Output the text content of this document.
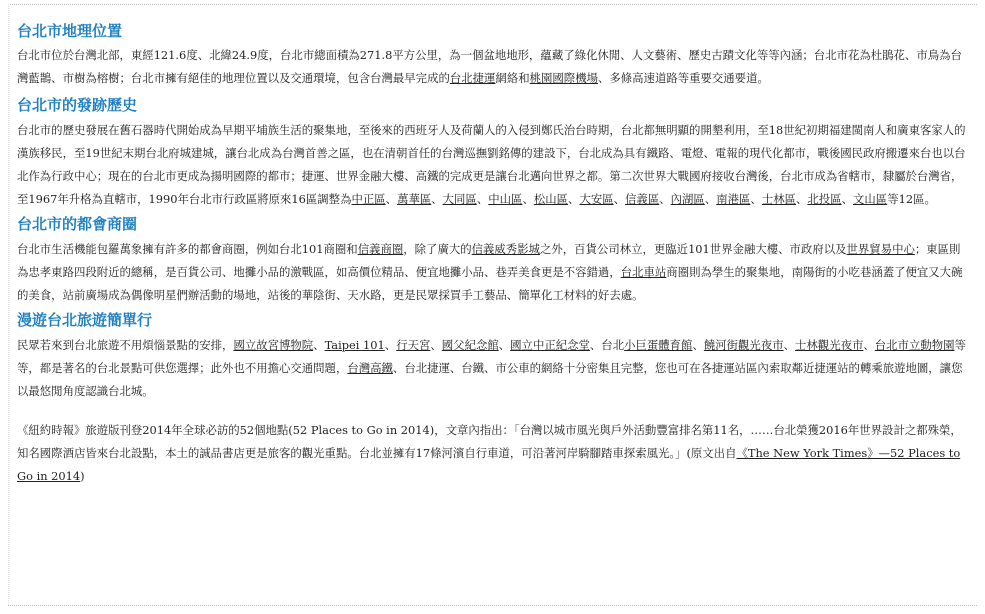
台北市地理位置

台北市位於台灣北部，東經121.6度、北緯24.9度，台北市總面積為271.8平方公里，為一個盆地地形，蘊藏了綠化休閒、人文藝術、歷史古蹟文化等等內涵；台北市花為杜鵑花、市鳥為台灣藍鵲、市樹為榕樹；台北市擁有絕佳的地理位置以及交通環境，包含台灣最早完成的台北捷運網絡和桃園國際機場、多條高速道路等重要交通要道。

台北市的發跡歷史

台北市的歷史發展在舊石器時代開始成為早期平埔族生活的聚集地，至後來的西班牙人及荷蘭人的入侵到鄭氏治台時期，台北都無明顯的開墾利用，至18世紀初期福建閩南人和廣東客家人的漢族移民，至19世紀末期台北府城建城，讓台北成為台灣首善之區，也在清朝首任的台灣巡撫劉銘傳的建設下，台北成為具有鐵路、電燈、電報的現代化都市，戰後國民政府搬遷來台也以台北作為行政中心；現在的台北市更成為揚明國際的都市；捷運、世界金融大樓、高鐵的完成更是讓台北邁向世界之都。第二次世界大戰國府接收台灣後，台北市成為省轄市，隸屬於台灣省，至1967年升格為直轄市，1990年台北市行政區將原來16區調整為中正區、萬華區、大同區、中山區、松山區、大安區、信義區、內湖區、南港區、士林區、北投區、文山區等12區。

台北市的都會商圈

台北市生活機能包羅萬象擁有許多的都會商圈，例如台北101商圈和信義商圈，除了廣大的信義威秀影城之外，百貨公司林立，更臨近101世界金融大樓、市政府以及世界貿易中心；東區則為忠孝東路四段附近的總稱，是百貨公司、地攤小品的激戰區，如高價位精品、便宜地攤小品、巷弄美食更是不容錯過，台北車站商圈則為學生的聚集地，南陽街的小吃巷涵蓋了便宜又大碗的美食，站前廣場成為偶像明星們辦活動的場地，站後的華陰街、天水路，更是民眾採買手工藝品、簡單化工材料的好去處。

漫遊台北旅遊簡單行

民眾若來到台北旅遊不用煩惱景點的安排，國立故宮博物院、Taipei 101、行天宮、國父紀念館、國立中正紀念堂、台北小巨蛋體育館、饒河街觀光夜市、士林觀光夜市、台北市立動物園等等，都是著名的台北景點可供您選擇；此外也不用擔心交通問題，台灣高鐵、台北捷運、台鐵、市公車的網絡十分密集且完整，您也可在各捷運站區內索取鄰近捷運站的轉乘旅遊地圖，讓您以最悠閒角度認識台北城。

《紐約時報》旅遊版刊登2014年全球必訪的52個地點(52 Places to Go in 2014)，文章內指出：「台灣以城市風光與戶外活動豐富排名第11名，……台北榮獲2016年世界設計之都殊榮，知名國際酒店皆來台北設點，本土的誠品書店更是旅客的觀光重點。台北並擁有17條河濱自行車道，可沿著河岸騎腳踏車探索風光。」(原文出自《The New York Times》—52 Places to Go in 2014)
